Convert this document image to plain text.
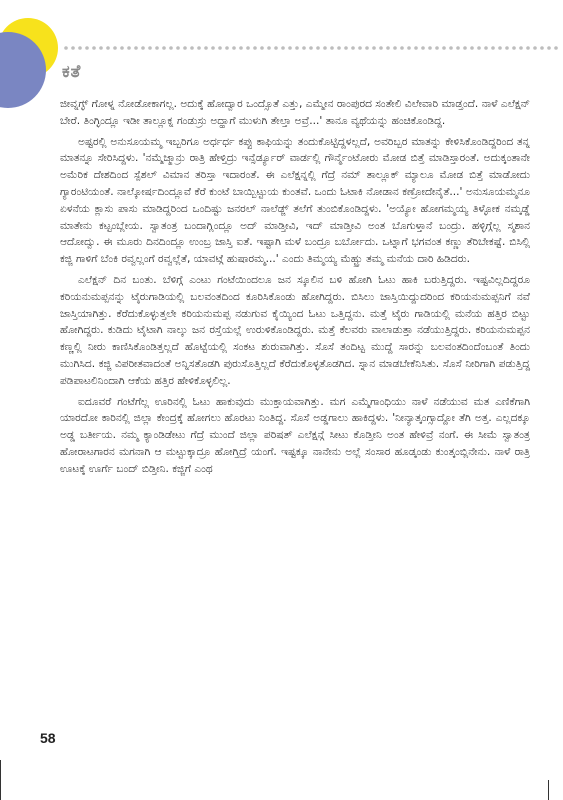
ಕತೆ

ಜೀವ್ನಗ್ಳ್ ಗೋಳ್ನ ನೋಡೋಕಾಗಲ್ಲ. ಅದುಕ್ಕೆ ಹೋದ್ವಾರ ಒಂದ್ಸೊತೆ ಎತ್ತು, ಎಮ್ಮೇನ ರಾಂಪುರದ ಸಂತೇಲಿ ವಿಲೇವಾರಿ ಮಾಡ್ತಂದೆ. ನಾಳೆ ಎಲೆಕ್ಷನ್ ಬೇರೆ. ತಿಂಗ್ಳಿಂದ್ಲೂ ಇಡೀ ತಾಲ್ಲೂಕ್ನ ಗಂಡುಸ್ರು ಅದ್ಹಾಗೆ ಮುಳುಗಿ ತೇಲ್ತಾ ಅವ್ರೆ...' ತಾನೂ ವ್ಯಥೆಯನ್ನು ಹಂಚಿಕೊಂಡಿದ್ದ.

ಅಷ್ಟರಲ್ಲಿ ಅನುಸೂಯಮ್ಮ ಇಬ್ಬರಿಗೂ ಅರ್ಧರ್ಧ ಕಪ್ಪು ಕಾಫಿಯನ್ನು ತಂದುಕೊಟ್ಟಿದ್ದಳಲ್ಲದೆ, ಅವರಿಬ್ಬರ ಮಾತನ್ನು ಕೇಳಿಸಿಕೊಂಡಿದ್ದರಿಂದ ತನ್ನ ಮಾತನ್ನೂ ಸೇರಿಸಿದ್ದಳು. 'ನಮ್ಮೆಜ್ಮಾನ್ರು ರಾತ್ರಿ ಹೇಳ್ತಿದ್ರು ಇನ್ಸೆರ್ಡ್ಯೂರ್ ವಾರ್ಡಲ್ಲಿ ಗೌರ್ನ್ಮೆಂಟೋರು ಮೋಡ ಬಿತ್ತೆ ಮಾಡಿಸ್ತಾರಂತೆ. ಅದುಕ್ಕಂತಾನೇ ಅಮೆರಿಕ ದೇಶದಿಂದ ಸ್ಪೆಶಲ್ ವಿಮಾನ ತರಿಸ್ತಾ ಇದಾರಂತೆ. ಈ ಎಲೆಕ್ಷನ್ನಲ್ಲಿ ಗೆದ್ರೆ ನಮ್ ತಾಲ್ಲೂಕ್ ಮ್ಯಾಲೂ ಮೋಡ ಬಿತ್ತೆ ಮಾಡೋದು ಗ್ಯಾರಂಟಿಯಂತೆ. ನಾಲ್ಕೋರ್ಷದಿಂದ್ಲೂವೆ ಕೆರೆ ಕುಂಟೆ ಬಾಯ್ಬಿಟ್ಟುಯ ಕುಂತವೆ. ಒಂದು ಓಟಾಕಿ ನೋಡಾನ ಕಣ್ರೋದೇನೈತೆ...' ಅನುಸೂಯಮ್ಮನೂ ಏಳನೆಯ ಕ್ಲಾಸು ಪಾಸು ಮಾಡಿದ್ದರಿಂದ ಒಂದಿಷ್ಟು ಜನರಲ್ ನಾಲೆಡ್ಜ್ ತಲೆಗೆ ತುಂಬಿಕೊಂಡಿದ್ದಳು. 'ಅಯ್ಯೋ ಹೋಗಮ್ಮಯ್ಯ ತಿಳ್ಳೋಕ ನಮ್ಕಡ್ಡೆ ಮಾತೇನು ಕಟ್ಟಂಬ್ಲೇಯ. ಸ್ವಾತಂತ್ರ ಬಂದಾಗ್ಲಿಂದ್ಲೂ ಅದ್ ಮಾಡ್ತೀವಿ, ಇದ್ ಮಾಡ್ತೀವಿ ಅಂತ ಬೊಗುಳ್ತಾನೆ ಬಂದ್ರು. ಹಳ್ಳಿಗ್ಗೆಲ್ಲ ಸ್ಮಶಾನ ಆದೋದ್ವು. ಈ ಮೂರು ದಿನದಿಂದ್ಲೂ ಉಂಬ್ರ ಜಾಸ್ತಿ ಐತೆ. ಇಷ್ಟಾಗಿ ಮಳೆ ಬಂದ್ರೂ ಬರ್ಬೋದು. ಒಟ್ನಾಗೆ ಭಗವಂತ ಕಣ್ಣು ತೆರಿಬೇಕಷ್ಟೆ. ಬಿಸಿಲ್ಲಿ ಕಜ್ಜಿ ಗಾಳಿಗೆ ಬೆಂಕಿ ರವ್ವಲ್ಲಂಗೆ ರವ್ವಲ್ಲೆತೆ, ಯಾವಟ್ಗೆ ಹುಷಾರಮ್ಮ...' ಎಂದು ತಿಮ್ಮಯ್ಯ ಮೆಹ್ಟ್ರು ತಮ್ಮ ಮನೆಯ ದಾರಿ ಹಿಡಿದರು.

ಎಲೆಕ್ಷನ್ ದಿನ ಬಂತು. ಬೆಳಿಗ್ಗೆ ಎಂಟು ಗಂಟೆಯಿಂದಲೂ ಜನ ಸ್ಕೂಲಿನ ಬಳಿ ಹೋಗಿ ಓಟು ಹಾಕಿ ಬರುತ್ತಿದ್ದರು. ಇಷ್ಟವಿಲ್ಲದಿದ್ದರೂ ಕರಿಯನುಮಪ್ಪನನ್ನು ಟೈರುಗಾಡಿಯಲ್ಲಿ ಬಲವಂತದಿಂದ ಕೂರಿಸಿಕೊಂಡು ಹೋಗಿದ್ದರು. ಬಿಸಿಲು ಜಾಸ್ತಿಯಿದ್ದುದರಿಂದ ಕರಿಯನುಮಪ್ಪನಿಗೆ ನವೆ ಜಾಸ್ತಿಯಾಗಿತ್ತು. ಕೆರೆದುಕೊಳ್ಳುತ್ತಲೇ ಕರಿಯನುಮಪ್ಪ ನಡುಗುವ ಕೈಯ್ಯಿಂದ ಓಟು ಒತ್ತಿದ್ದನು. ಮತ್ತೆ ಟೈರು ಗಾಡಿಯಲ್ಲಿ ಮನೆಯ ಹತ್ತಿರ ಬಿಟ್ಟು ಹೋಗಿದ್ದರು. ಕುಡಿದು ಟೈಟಾಗಿ ನಾಲ್ಕು ಜನ ರಸ್ತೆಯಲ್ಲೆ ಉರುಳಿಕೊಂಡಿದ್ದರು. ಮತ್ತೆ ಕೆಲವರು ವಾಲಾಡುತ್ತಾ ನಡೆಯುತ್ತಿದ್ದರು. ಕರಿಯನುಮಪ್ಪನ ಕಣ್ಣಲ್ಲಿ ನೀರು ಕಾಣಿಸಿಕೊಂಡಿತ್ತಲ್ಲದೆ ಹೊಟ್ಟೆಯಲ್ಲಿ ಸಂಕಟ ಶುರುವಾಗಿತ್ತು. ಸೊಸೆ ತಂದಿಟ್ಟ ಮುದ್ದೆ ಸಾರನ್ನು ಬಲವಂತದಿಂದೆಂಬಂತೆ ತಿಂದು ಮುಗಿಸಿದ. ಕಜ್ಜಿ ವಿಪರೀತವಾದಂತೆ ಅನ್ನಿಸತೊಡಗಿ ಪುರುಸೊತ್ತಿಲ್ಲದೆ ಕೆರೆದುಕೊಳ್ಳತೊಡಗಿದ. ಸ್ನಾನ ಮಾಡಬೇಕೆನಿಸಿತು. ಸೊಸೆ ನೀರಿಗಾಗಿ ಪಡುತ್ತಿದ್ದ ಪಡಿಪಾಟಲಿನಿಂದಾಗಿ ಆಕೆಯ ಹತ್ತಿರ ಹೇಳಿಕೊಳ್ಳಲಿಲ್ಲ.

ಐದೂವರೆ ಗಂಟೆಗೆಲ್ಲ ಊರಿನಲ್ಲಿ ಓಟು ಹಾಕುವುದು ಮುಕ್ತಾಯವಾಗಿತ್ತು. ಮಗ ಎಮ್ಮೆಗಾಂಧಿಯು ನಾಳೆ ನಡೆಯುವ ಮತ ಎಣಿಕೆಗಾಗಿ ಯಾರದೋ ಕಾರಿನಲ್ಲಿ ಜಿಲ್ಲಾ ಕೇಂದ್ರಕ್ಕೆ ಹೋಗಲು ಹೊರಟು ನಿಂತಿದ್ದ. ಸೊಸೆ ಅಡ್ಡಗಾಲು ಹಾಕಿದ್ದಳು. 'ನೀನ್ಯಾತ್ಕಂಗ್ಸಾದ್ದೋ ತೆಗಿ ಅತ್ತ. ಎಲ್ಲದಕ್ಕೂ ಅಡ್ಡ ಬರ್ತೀಯ. ನಮ್ಮ ಕ್ಯಾಂಡಿಡೇಟು ಗೆದ್ರೆ ಮುಂದೆ ಜಿಲ್ಲಾ ಪರಿಷತ್ ಎಲೆಕ್ಷನ್ಗೆ ಸೀಟು ಕೊಡ್ತೀನಿ ಅಂತ ಹೇಳಿವ್ರೆ ನಂಗೆ. ಈ ಸೀಮೆ ಸ್ವಾತಂತ್ರ ಹೋರಾಟಗಾರನ ಮಗನಾಗಿ ಆ ಮಟ್ಟುಕ್ಕಾದ್ರೂ ಹೋಗ್ತಿದ್ರೆ ಯಂಗೆ. ಇಷ್ಟಕ್ಕೂ ನಾನೇನು ಅಲ್ಲೆ ಸಂಸಾರ ಹೂಡ್ಕಂಡು ಕುಂತ್ಕಂಬ್ಲಿನೇನು. ನಾಳೆ ರಾತ್ರಿ ಊಟಕ್ಕೆ ಊರ್ಗೆ ಬಂದ್ ಬಿಡ್ತೀನಿ. ಕಜ್ಜಿಗೆ ಎಂಥ

58
